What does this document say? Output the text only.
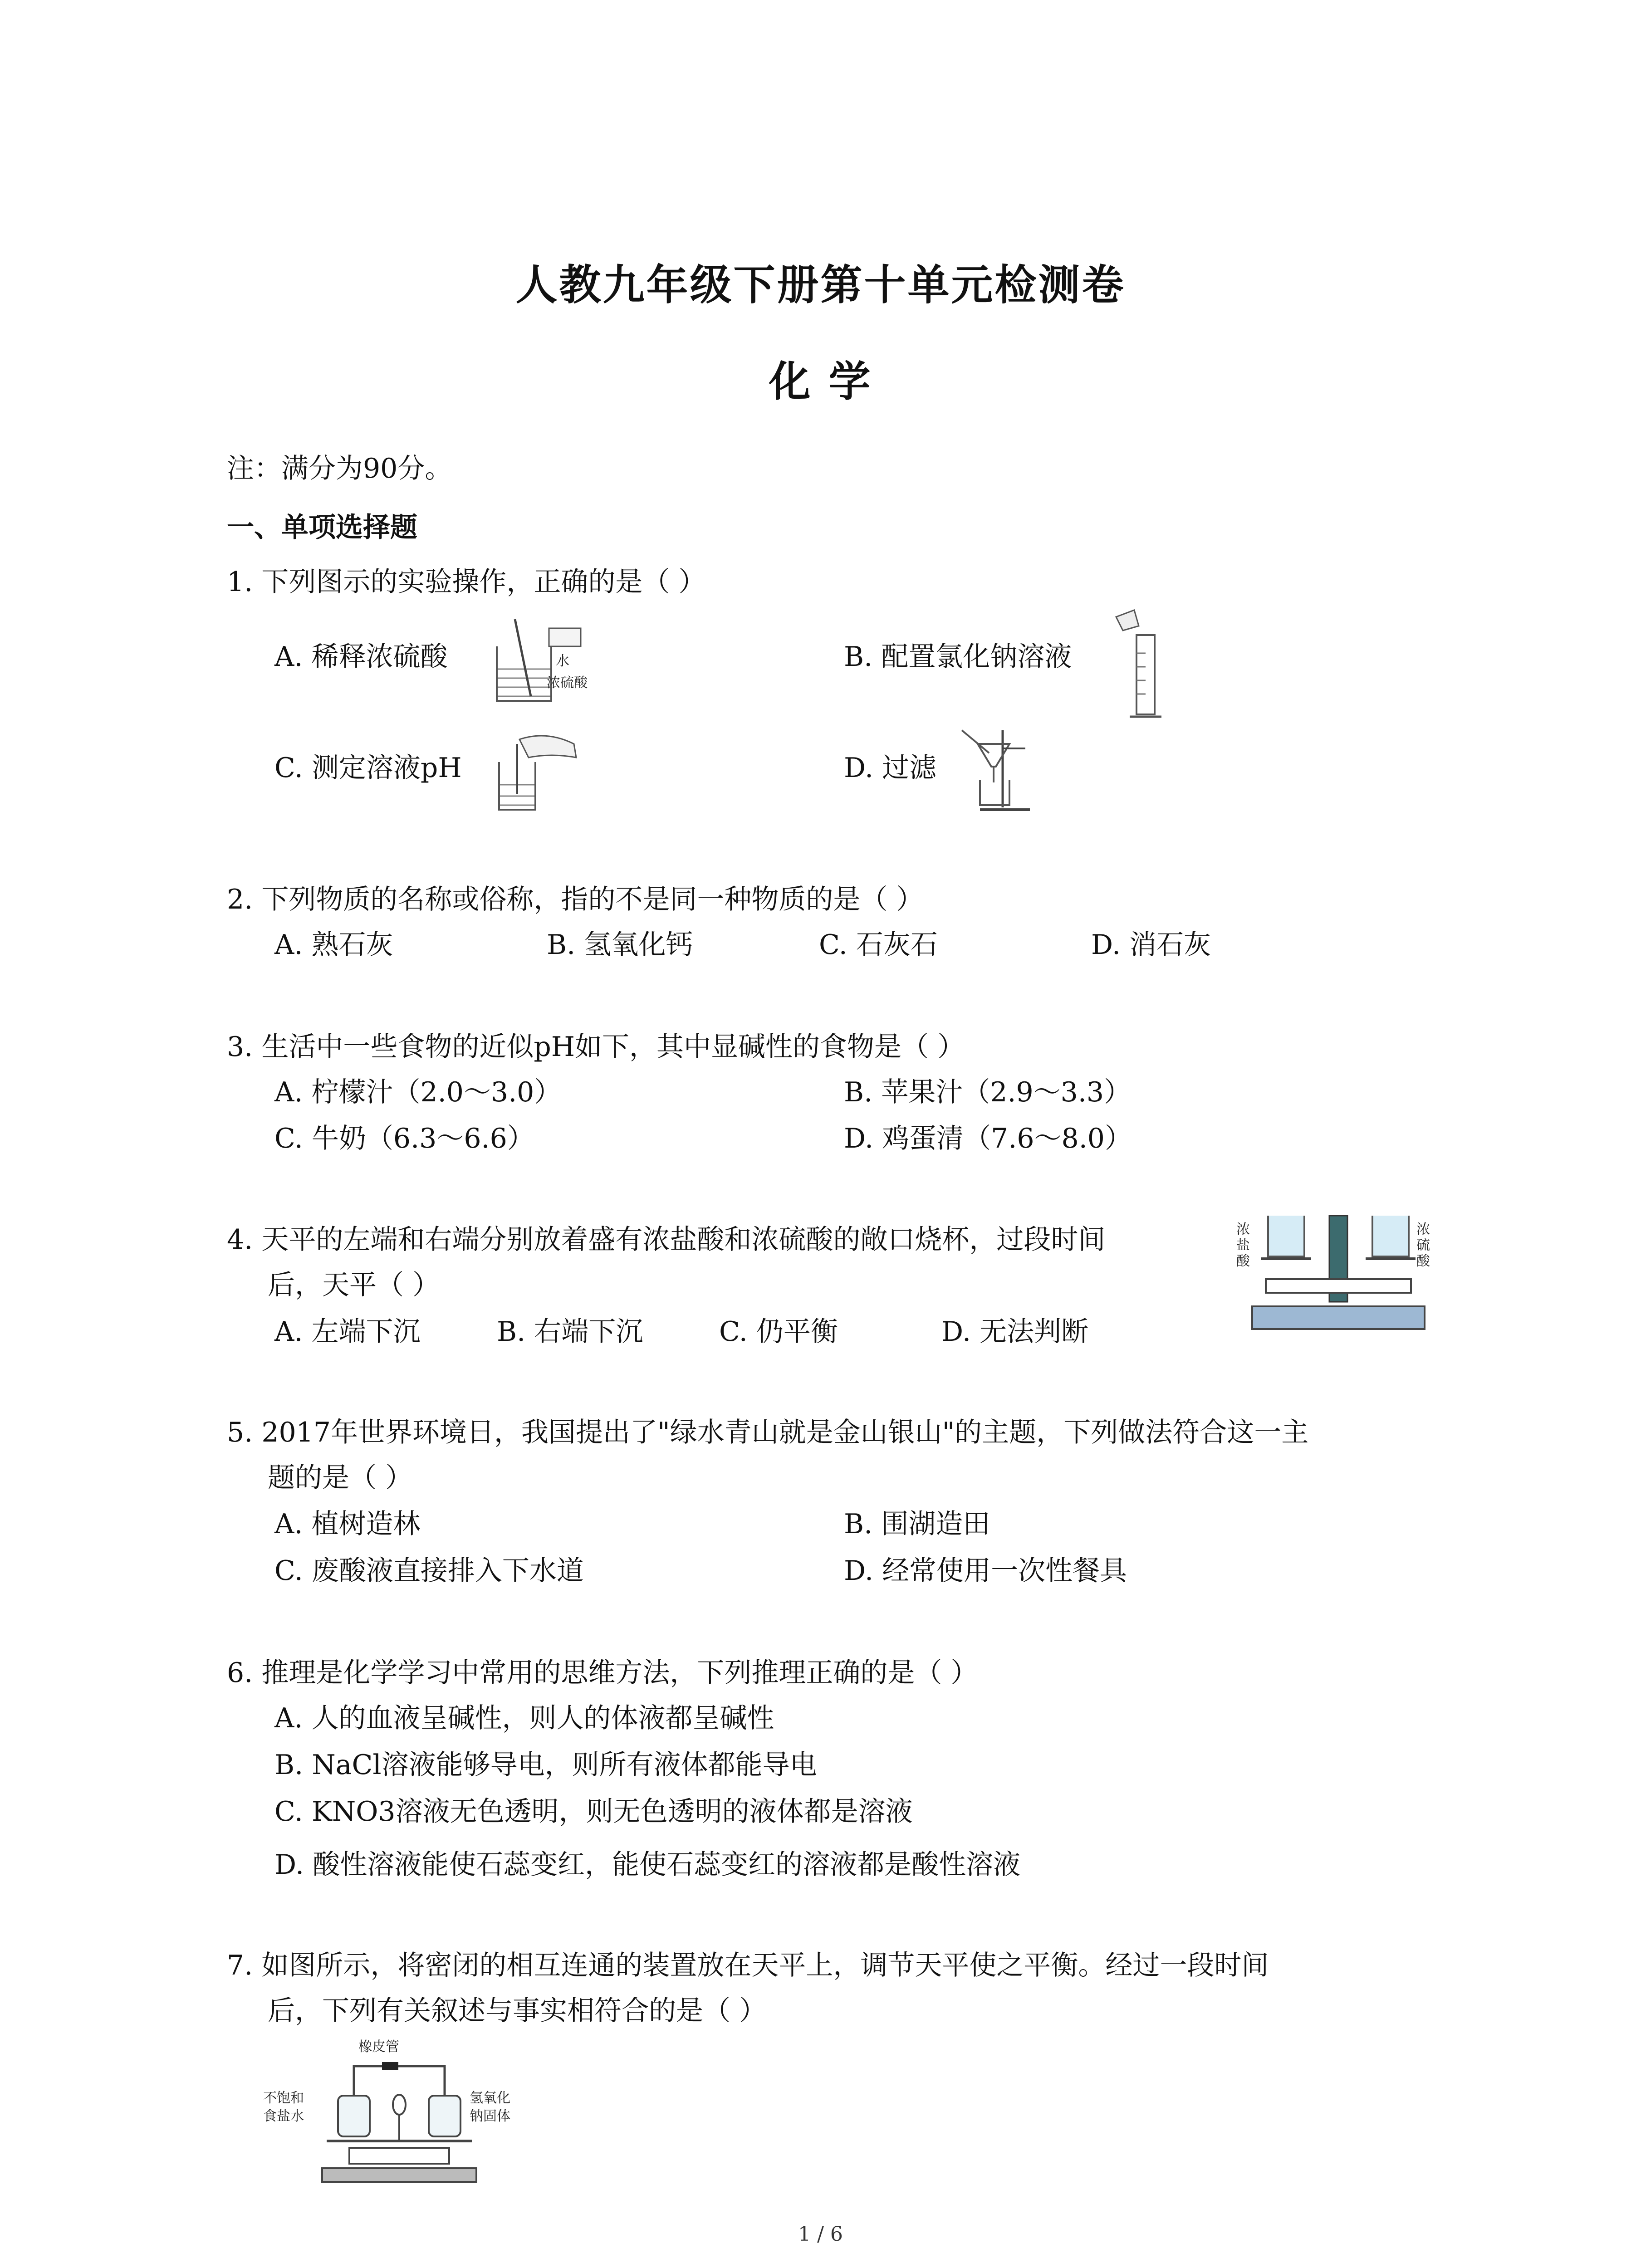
人教九年级下册第十单元检测卷
化 学
注：满分为90分。
一、单项选择题
1. 下列图示的实验操作，正确的是（ ）
A. 稀释浓硫酸	水
浓硫酸
B. 配置氯化钠溶液
C. 测定溶液pH	D. 过滤
2. 下列物质的名称或俗称，指的不是同一种物质的是（ ）
A. 熟石灰	B. 氢氧化钙	C. 石灰石	D. 消石灰
3. 生活中一些食物的近似pH如下，其中显碱性的食物是（ ）
A. 柠檬汁（2.0～3.0）	B. 苹果汁（2.9～3.3）
C. 牛奶（6.3～6.6）	D. 鸡蛋清（7.6～8.0）
4. 天平的左端和右端分别放着盛有浓盐酸和浓硫酸的敞口烧杯，过段时间
后，天平（ ）
A. 左端下沉	B. 右端下沉	C. 仍平衡	D. 无法判断
浓
盐
酸
浓
硫
酸
5. 2017年世界环境日，我国提出了"绿水青山就是金山银山"的主题，下列做法符合这一主
题的是（ ）
A. 植树造林	B. 围湖造田
C. 废酸液直接排入下水道	D. 经常使用一次性餐具
6. 推理是化学学习中常用的思维方法，下列推理正确的是（ ）
A. 人的血液呈碱性，则人的体液都呈碱性
B. NaCl溶液能够导电，则所有液体都能导电
C. KNO3溶液无色透明，则无色透明的液体都是溶液
D. 酸性溶液能使石蕊变红，能使石蕊变红的溶液都是酸性溶液
7. 如图所示，将密闭的相互连通的装置放在天平上，调节天平使之平衡。经过一段时间
后，下列有关叙述与事实相符合的是（ ）
橡皮管
不饱和
食盐水
氢氧化
钠固体
1 / 6
